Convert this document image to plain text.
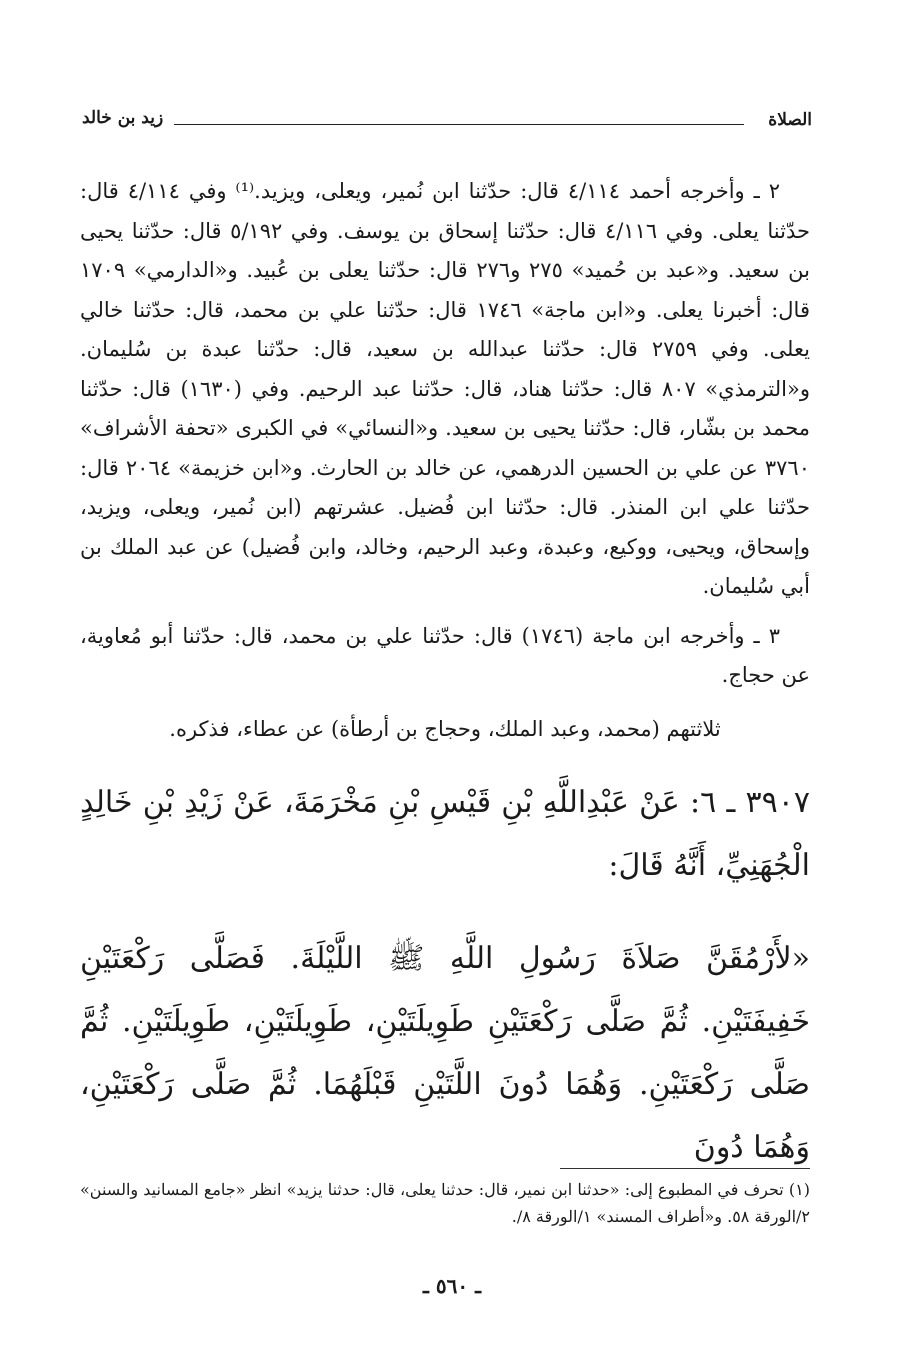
الصلاة
زيد بن خالد

٢ ـ وأخرجه أحمد ٤/١١٤ قال: حدّثنا ابن نُمير، ويعلى، ويزيد.⁽¹⁾ وفي ٤/١١٤ قال: حدّثنا يعلى. وفي ٤/١١٦ قال: حدّثنا إسحاق بن يوسف. وفي ٥/١٩٢ قال: حدّثنا يحيى بن سعيد. و«عبد بن حُميد» ٢٧٥ و٢٧٦ قال: حدّثنا يعلى بن عُبيد. و«الدارمي» ١٧٠٩ قال: أخبرنا يعلى. و«ابن ماجة» ١٧٤٦ قال: حدّثنا علي بن محمد، قال: حدّثنا خالي يعلى. وفي ٢٧٥٩ قال: حدّثنا عبدالله بن سعيد، قال: حدّثنا عبدة بن سُليمان. و«الترمذي» ٨٠٧ قال: حدّثنا هناد، قال: حدّثنا عبد الرحيم. وفي (١٦٣٠) قال: حدّثنا محمد بن بشّار، قال: حدّثنا يحيى بن سعيد. و«النسائي» في الكبرى «تحفة الأشراف» ٣٧٦٠ عن علي بن الحسين الدرهمي، عن خالد بن الحارث. و«ابن خزيمة» ٢٠٦٤ قال: حدّثنا علي ابن المنذر. قال: حدّثنا ابن فُضيل. عشرتهم (ابن نُمير، ويعلى، ويزيد، وإسحاق، ويحيى، ووكيع، وعبدة، وعبد الرحيم، وخالد، وابن فُضيل) عن عبد الملك بن أبي سُليمان.

٣ ـ وأخرجه ابن ماجة (١٧٤٦) قال: حدّثنا علي بن محمد، قال: حدّثنا أبو مُعاوية، عن حجاج.

ثلاثتهم (محمد، وعبد الملك، وحجاج بن أرطأة) عن عطاء، فذكره.

٣٩٠٧ ـ ٦: عَنْ عَبْدِاللَّهِ بْنِ قَيْسِ بْنِ مَخْرَمَةَ، عَنْ زَيْدِ بْنِ خَالِدٍ الْجُهَنِيِّ، أَنَّهُ قَالَ:

«لأَرْمُقَنَّ صَلاَةَ رَسُولِ اللَّهِ ﷺ اللَّيْلَةَ. فَصَلَّى رَكْعَتَيْنِ خَفِيفَتَيْنِ. ثُمَّ صَلَّى رَكْعَتَيْنِ طَوِيلَتَيْنِ، طَوِيلَتَيْنِ، طَوِيلَتَيْنِ. ثُمَّ صَلَّى رَكْعَتَيْنِ. وَهُمَا دُونَ اللَّتَيْنِ قَبْلَهُمَا. ثُمَّ صَلَّى رَكْعَتَيْنِ، وَهُمَا دُونَ

(١) تحرف في المطبوع إلى: «حدثنا ابن نمير، قال: حدثنا يعلى، قال: حدثنا يزيد» انظر «جامع المسانيد والسنن» ٢/الورقة ٥٨. و«أطراف المسند» ١/الورقة ٨/.
ـ ٥٦٠ ـ
